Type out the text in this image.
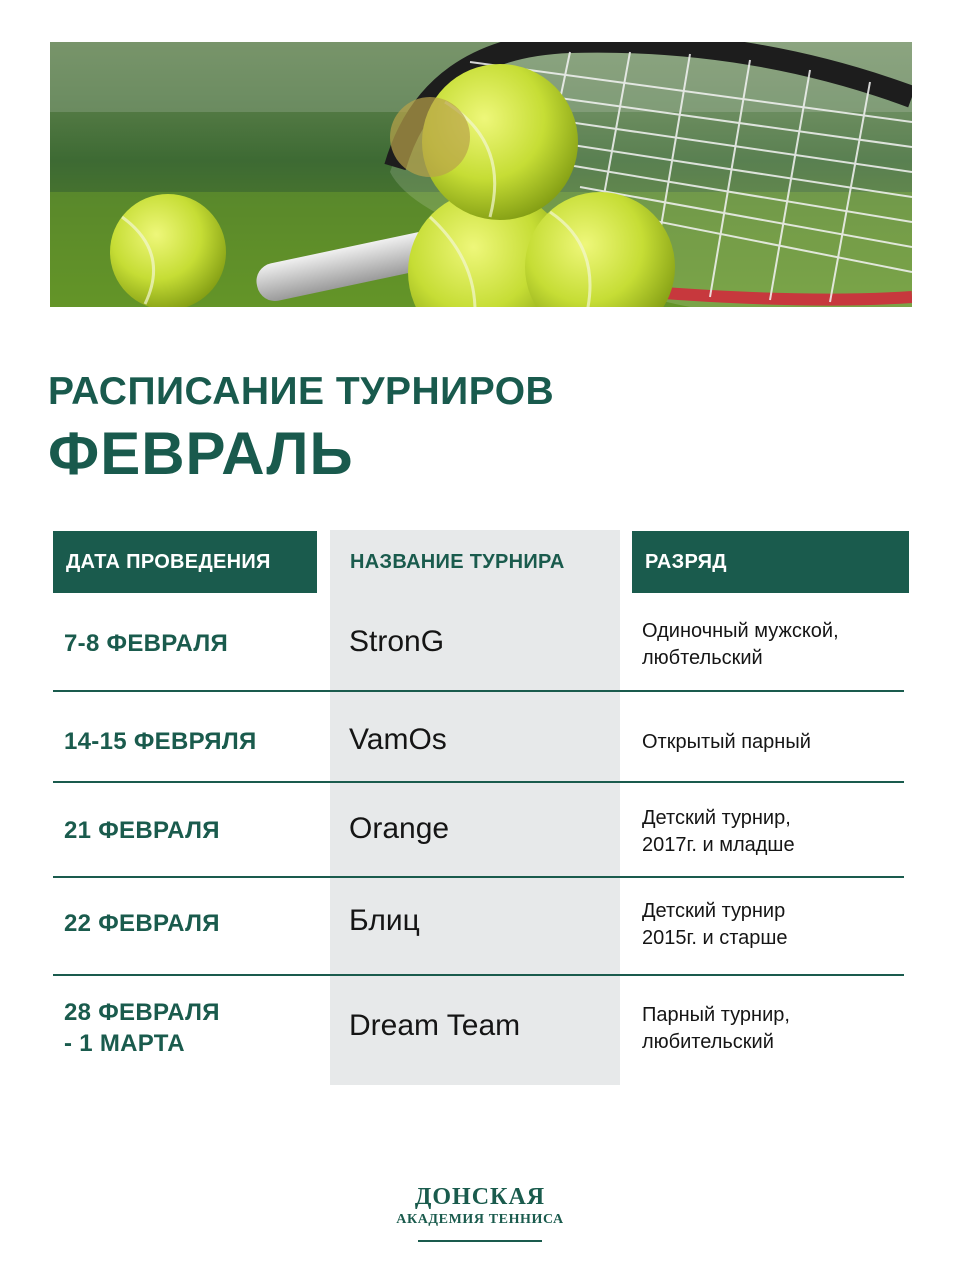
РАСПИСАНИЕ ТУРНИРОВ
ФЕВРАЛЬ
ДАТА ПРОВЕДЕНИЯ	НАЗВАНИЕ ТУРНИРА	РАЗРЯД
7-8 ФЕВРАЛЯ	StronG	Одиночный мужской,
любтельский
14-15 ФЕВРЯЛЯ	VamOs	Открытый парный
21 ФЕВРАЛЯ	Orange	Детский турнир,
2017г. и младше
22 ФЕВРАЛЯ	Блиц	Детский турнир
2015г. и старше
28 ФЕВРАЛЯ
- 1 МАРТА
Dream Team	Парный турнир,
любительский
ДОНСКАЯ
АКАДЕМИЯ ТЕННИСА
